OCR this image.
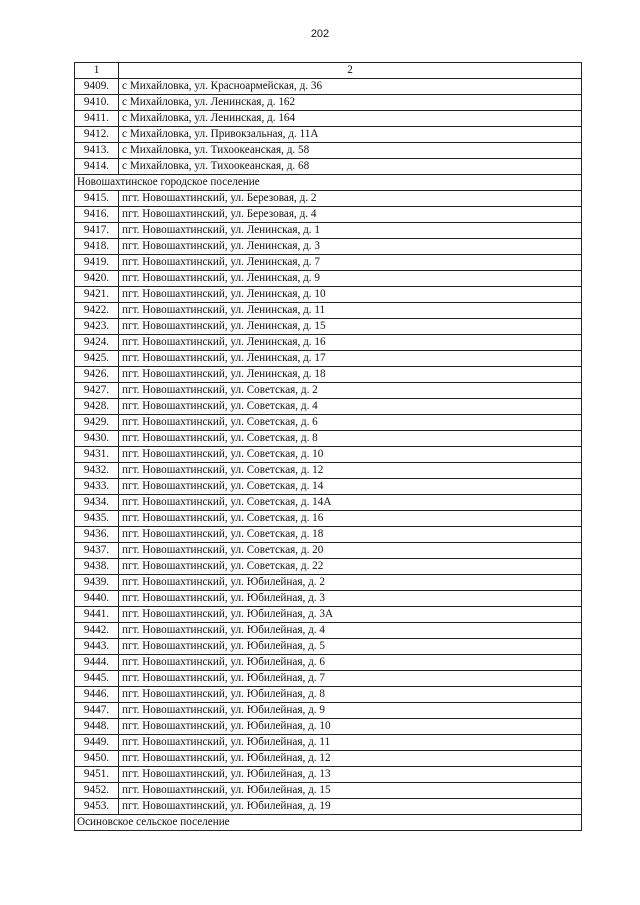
202
1	2
9409.	с Михайловка, ул. Красноармейская, д. 36
9410.	с Михайловка, ул. Ленинская, д. 162
9411.	с Михайловка, ул. Ленинская, д. 164
9412.	с Михайловка, ул. Привокзальная, д. 11А
9413.	с Михайловка, ул. Тихоокеанская, д. 58
9414.	с Михайловка, ул. Тихоокеанская, д. 68
Новошахтинское городское поселение	
9415.	пгт. Новошахтинский, ул. Березовая, д. 2
9416.	пгт. Новошахтинский, ул. Березовая, д. 4
9417.	пгт. Новошахтинский, ул. Ленинская, д. 1
9418.	пгт. Новошахтинский, ул. Ленинская, д. 3
9419.	пгт. Новошахтинский, ул. Ленинская, д. 7
9420.	пгт. Новошахтинский, ул. Ленинская, д. 9
9421.	пгт. Новошахтинский, ул. Ленинская, д. 10
9422.	пгт. Новошахтинский, ул. Ленинская, д. 11
9423.	пгт. Новошахтинский, ул. Ленинская, д. 15
9424.	пгт. Новошахтинский, ул. Ленинская, д. 16
9425.	пгт. Новошахтинский, ул. Ленинская, д. 17
9426.	пгт. Новошахтинский, ул. Ленинская, д. 18
9427.	пгт. Новошахтинский, ул. Советская, д. 2
9428.	пгт. Новошахтинский, ул. Советская, д. 4
9429.	пгт. Новошахтинский, ул. Советская, д. 6
9430.	пгт. Новошахтинский, ул. Советская, д. 8
9431.	пгт. Новошахтинский, ул. Советская, д. 10
9432.	пгт. Новошахтинский, ул. Советская, д. 12
9433.	пгт. Новошахтинский, ул. Советская, д. 14
9434.	пгт. Новошахтинский, ул. Советская, д. 14А
9435.	пгт. Новошахтинский, ул. Советская, д. 16
9436.	пгт. Новошахтинский, ул. Советская, д. 18
9437.	пгт. Новошахтинский, ул. Советская, д. 20
9438.	пгт. Новошахтинский, ул. Советская, д. 22
9439.	пгт. Новошахтинский, ул. Юбилейная, д. 2
9440.	пгт. Новошахтинский, ул. Юбилейная, д. 3
9441.	пгт. Новошахтинский, ул. Юбилейная, д. 3А
9442.	пгт. Новошахтинский, ул. Юбилейная, д. 4
9443.	пгт. Новошахтинский, ул. Юбилейная, д. 5
9444.	пгт. Новошахтинский, ул. Юбилейная, д. 6
9445.	пгт. Новошахтинский, ул. Юбилейная, д. 7
9446.	пгт. Новошахтинский, ул. Юбилейная, д. 8
9447.	пгт. Новошахтинский, ул. Юбилейная, д. 9
9448.	пгт. Новошахтинский, ул. Юбилейная, д. 10
9449.	пгт. Новошахтинский, ул. Юбилейная, д. 11
9450.	пгт. Новошахтинский, ул. Юбилейная, д. 12
9451.	пгт. Новошахтинский, ул. Юбилейная, д. 13
9452.	пгт. Новошахтинский, ул. Юбилейная, д. 15
9453.	пгт. Новошахтинский, ул. Юбилейная, д. 19
Осиновское сельское поселение	
